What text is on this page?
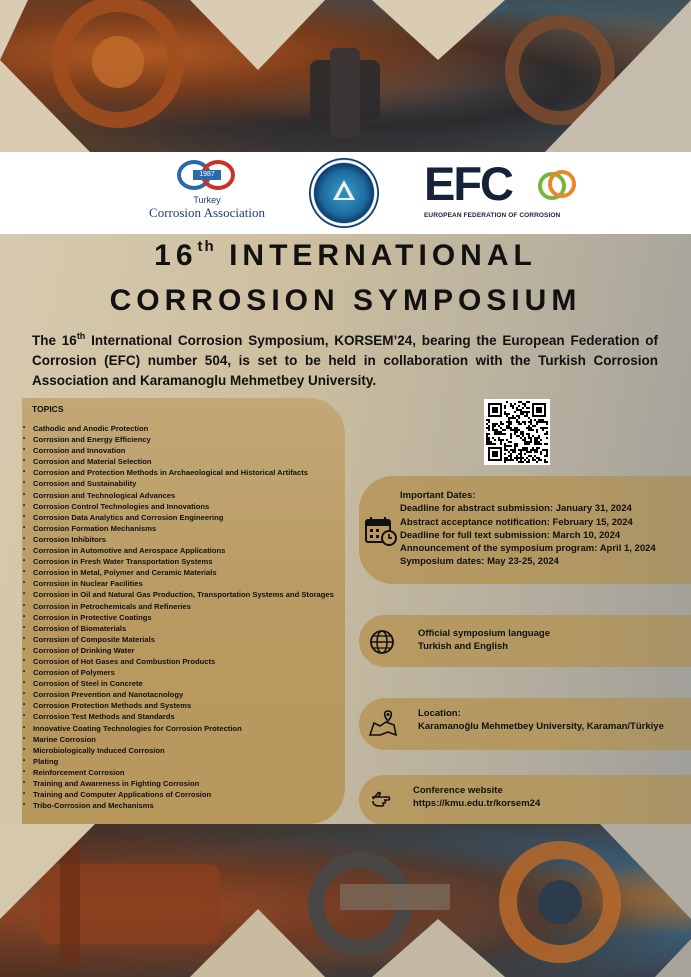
1987
Turkey
Corrosion Association
EFC
EUROPEAN FEDERATION OF CORROSION
16th INTERNATIONAL
CORROSION SYMPOSIUM
The 16th International Corrosion Symposium, KORSEM’24, bearing the European Federation of Corrosion (EFC) number 504, is set to be held in collaboration with the Turkish Corrosion Association and Karamanoglu Mehmetbey University.
TOPICS
• Cathodic and Anodic Protection
• Corrosion and Energy Efficiency
• Corrosion and Innovation
• Corrosion and Material Selection
• Corrosion and Protection Methods in Archaeological and Historical Artifacts
• Corrosion and Sustainability
• Corrosion and Technological Advances
• Corrosion Control Technologies and Innovations
• Corrosion Data Analytics and Corrosion Engineering
• Corrosion Formation Mechanisms
• Corrosion Inhibitors
• Corrosion in Automotive and Aerospace Applications
• Corrosion in Fresh Water Transportation Systems
• Corrosion in Metal, Polymer and Ceramic Materials
• Corrosion in Nuclear Facilities
• Corrosion in Oil and Natural Gas Production, Transportation Systems and Storages
• Corrosion in Petrochemicals and Refineries
• Corrosion in Protective Coatings
• Corrosion of Biomaterials
• Corrosion of Composite Materials
• Corrosion of Drinking Water
• Corrosion of Hot Gases and Combustion Products
• Corrosion of Polymers
• Corrosion of Steel in Concrete
• Corrosion Prevention and Nanotacnology
• Corrosion Protection Methods and Systems
• Corrosion Test Methods and Standards
• Innovative Coating Technologies for Corrosion Protection
• Marine Corrosion
• Microbiologically Induced Corrosion
• Plating
• Reinforcement Corrosion
• Training and Awareness in Fighting Corrosion
• Training and Computer Applications of Corrosion
• Tribo-Corrosion and Mechanisms
Important Dates:
Deadline for abstract submission: January 31, 2024
Abstract acceptance notification: February 15, 2024
Deadline for full text submission: March 10, 2024
Announcement of the symposium program: April 1, 2024
Symposium dates: May 23-25, 2024
Official symposium language
Turkish and English
Location:
Karamanoğlu Mehmetbey University, Karaman/Türkiye
Conference website
https://kmu.edu.tr/korsem24
